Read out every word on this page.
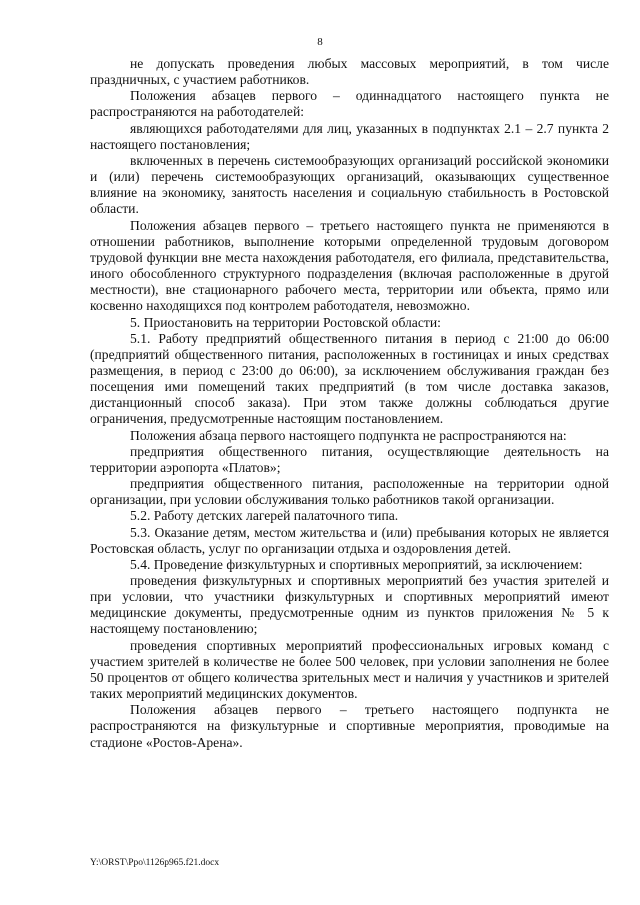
8

не допускать проведения любых массовых мероприятий, в том числе праздничных, с участием работников.

Положения абзацев первого – одиннадцатого настоящего пункта не распространяются на работодателей:

являющихся работодателями для лиц, указанных в подпунктах 2.1 – 2.7 пункта 2 настоящего постановления;

включенных в перечень системообразующих организаций российской экономики и (или) перечень системообразующих организаций, оказывающих существенное влияние на экономику, занятость населения и социальную стабильность в Ростовской области.

Положения абзацев первого – третьего настоящего пункта не применяются в отношении работников, выполнение которыми определенной трудовым договором трудовой функции вне места нахождения работодателя, его филиала, представительства, иного обособленного структурного подразделения (включая расположенные в другой местности), вне стационарного рабочего места, территории или объекта, прямо или косвенно находящихся под контролем работодателя, невозможно.

5. Приостановить на территории Ростовской области:

5.1. Работу предприятий общественного питания в период с 21:00 до 06:00 (предприятий общественного питания, расположенных в гостиницах и иных средствах размещения, в период с 23:00 до 06:00), за исключением обслуживания граждан без посещения ими помещений таких предприятий (в том числе доставка заказов, дистанционный способ заказа). При этом также должны соблюдаться другие ограничения, предусмотренные настоящим постановлением.

Положения абзаца первого настоящего подпункта не распространяются на:

предприятия общественного питания, осуществляющие деятельность на территории аэропорта «Платов»;

предприятия общественного питания, расположенные на территории одной организации, при условии обслуживания только работников такой организации.

5.2. Работу детских лагерей палаточного типа.

5.3. Оказание детям, местом жительства и (или) пребывания которых не является Ростовская область, услуг по организации отдыха и оздоровления детей.

5.4. Проведение физкультурных и спортивных мероприятий, за исключением:

проведения физкультурных и спортивных мероприятий без участия зрителей и при условии, что участники физкультурных и спортивных мероприятий имеют медицинские документы, предусмотренные одним из пунктов приложения № 5 к настоящему постановлению;

проведения спортивных мероприятий профессиональных игровых команд с участием зрителей в количестве не более 500 человек, при условии заполнения не более 50 процентов от общего количества зрительных мест и наличия у участников и зрителей таких мероприятий медицинских документов.

Положения абзацев первого – третьего настоящего подпункта не распространяются на физкультурные и спортивные мероприятия, проводимые на стадионе «Ростов-Арена».

Y:\ORST\Ppo\1126p965.f21.docx
